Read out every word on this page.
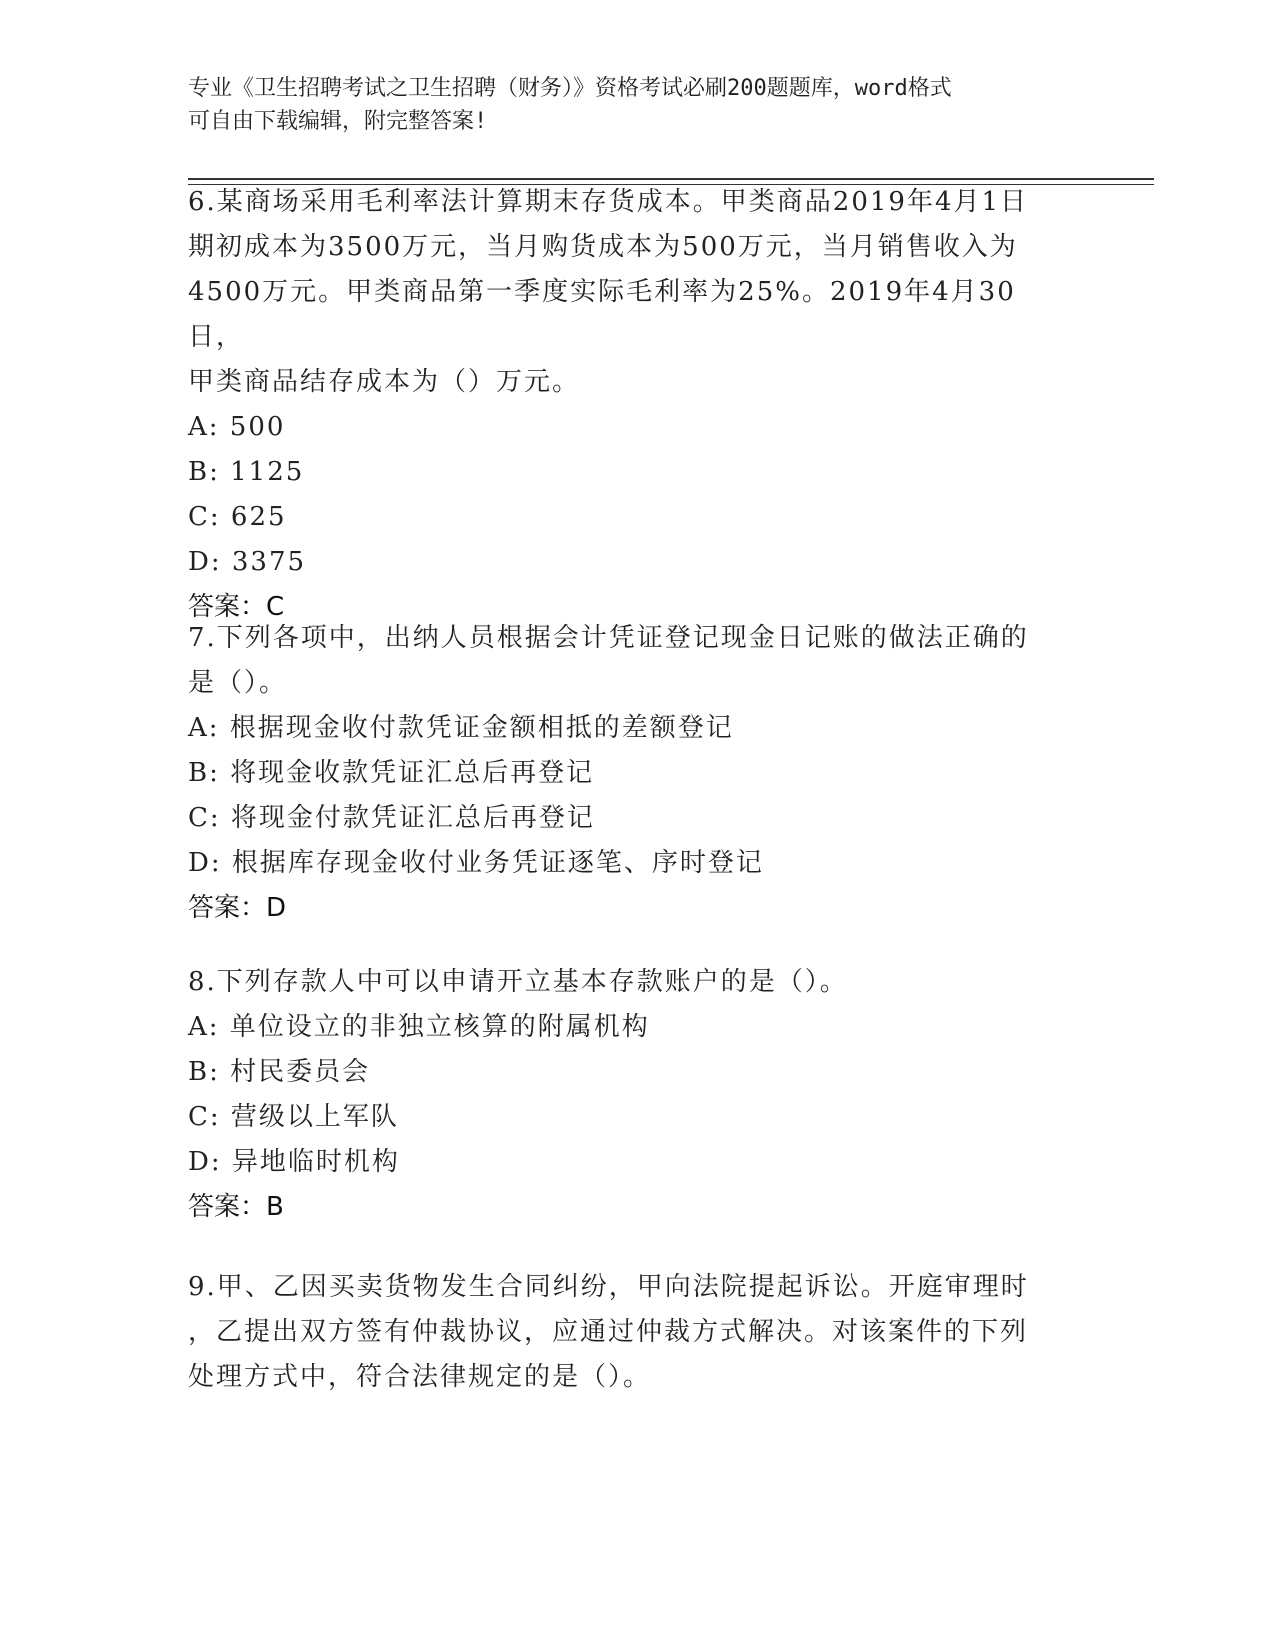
专业《卫生招聘考试之卫生招聘（财务）》资格考试必刷200题题库，word格式
可自由下载编辑，附完整答案!

6.某商场采用毛利率法计算期末存货成本。甲类商品2019年4月1日

期初成本为3500万元，当月购货成本为500万元，当月销售收入为

4500万元。甲类商品第一季度实际毛利率为25%。2019年4月30日，

甲类商品结存成本为（）万元。

A: 500

B: 1125

C: 625

D: 3375

答案：C

7.下列各项中，出纳人员根据会计凭证登记现金日记账的做法正确的

是（）。

A: 根据现金收付款凭证金额相抵的差额登记

B: 将现金收款凭证汇总后再登记

C: 将现金付款凭证汇总后再登记

D: 根据库存现金收付业务凭证逐笔、序时登记

答案：D

8.下列存款人中可以申请开立基本存款账户的是（）。

A: 单位设立的非独立核算的附属机构

B: 村民委员会

C: 营级以上军队

D: 异地临时机构

答案：B

9.甲、乙因买卖货物发生合同纠纷，甲向法院提起诉讼。开庭审理时

，乙提出双方签有仲裁协议，应通过仲裁方式解决。对该案件的下列

处理方式中，符合法律规定的是（）。
